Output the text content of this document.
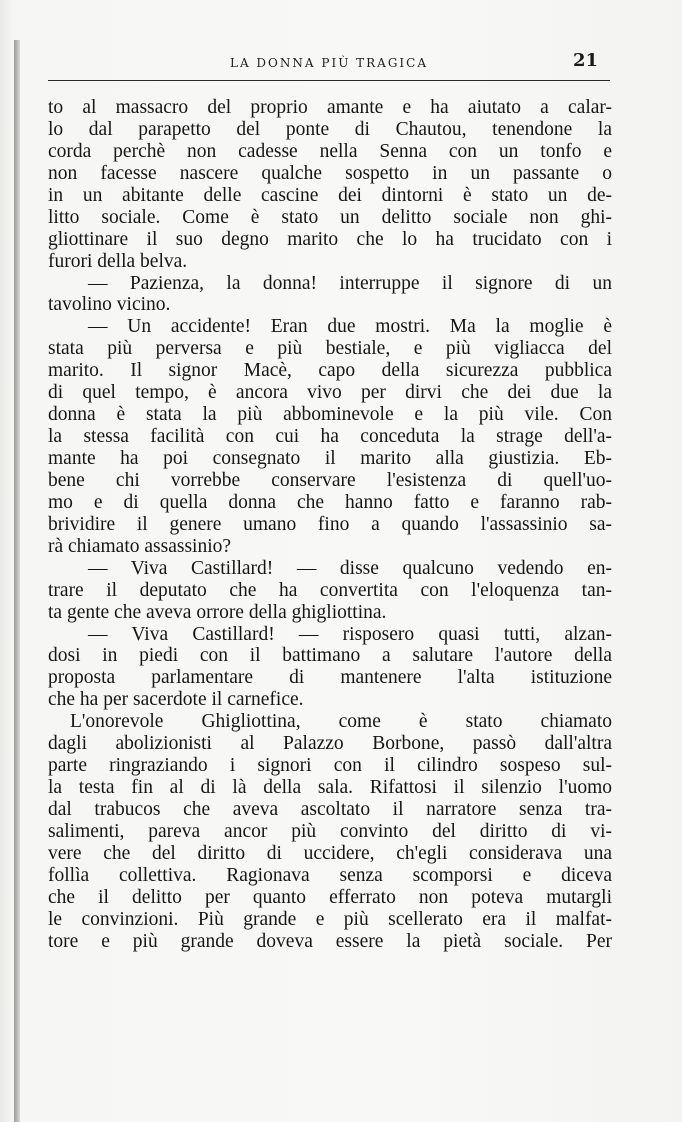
LA DONNA PIÙ TRAGICA	21
to al massacro del proprio amante e ha aiutato a calar-
lo dal parapetto del ponte di Chautou, tenendone la
corda perchè non cadesse nella Senna con un tonfo e
non facesse nascere qualche sospetto in un passante o
in un abitante delle cascine dei dintorni è stato un de-
litto sociale. Come è stato un delitto sociale non ghi-
gliottinare il suo degno marito che lo ha trucidato con i
furori della belva.
— Pazienza, la donna! interruppe il signore di un
tavolino vicino.
— Un accidente! Eran due mostri. Ma la moglie è
stata più perversa e più bestiale, e più vigliacca del
marito. Il signor Macè, capo della sicurezza pubblica
di quel tempo, è ancora vivo per dirvi che dei due la
donna è stata la più abbominevole e la più vile. Con
la stessa facilità con cui ha conceduta la strage dell'a-
mante ha poi consegnato il marito alla giustizia. Eb-
bene chi vorrebbe conservare l'esistenza di quell'uo-
mo e di quella donna che hanno fatto e faranno rab-
brividire il genere umano fino a quando l'assassinio sa-
rà chiamato assassinio?
— Viva Castillard! — disse qualcuno vedendo en-
trare il deputato che ha convertita con l'eloquenza tan-
ta gente che aveva orrore della ghigliottina.
— Viva Castillard! — risposero quasi tutti, alzan-
dosi in piedi con il battimano a salutare l'autore della
proposta parlamentare di mantenere l'alta istituzione
che ha per sacerdote il carnefice.
L'onorevole Ghigliottina, come è stato chiamato
dagli abolizionisti al Palazzo Borbone, passò dall'altra
parte ringraziando i signori con il cilindro sospeso sul-
la testa fin al di là della sala. Rifattosi il silenzio l'uomo
dal trabucos che aveva ascoltato il narratore senza tra-
salimenti, pareva ancor più convinto del diritto di vi-
vere che del diritto di uccidere, ch'egli considerava una
follìa collettiva. Ragionava senza scomporsi e diceva
che il delitto per quanto efferrato non poteva mutargli
le convinzioni. Più grande e più scellerato era il malfat-
tore e più grande doveva essere la pietà sociale. Per
